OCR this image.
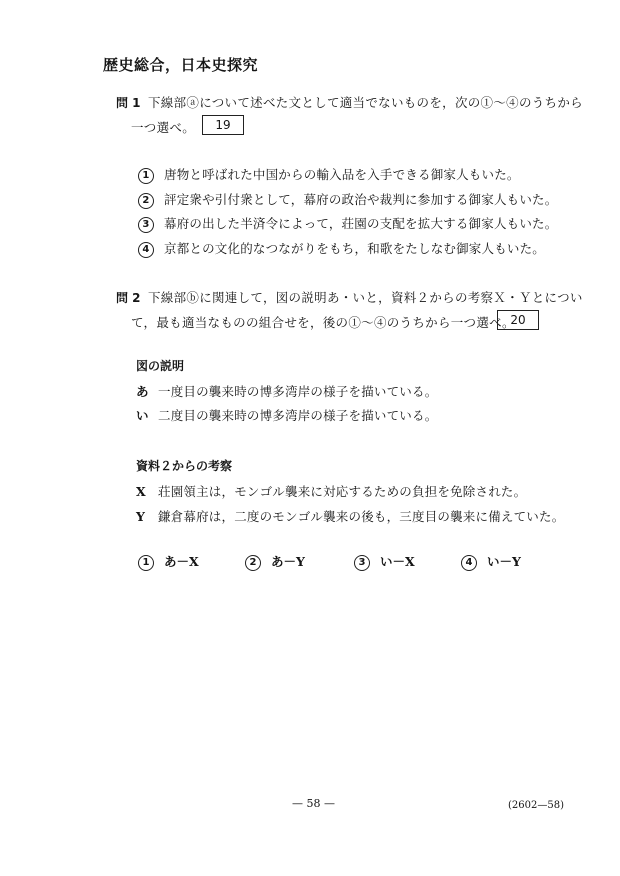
歴史総合，日本史探究
問 1 下線部ⓐについて述べた文として適当でないものを，次の①～④のうちから
一つ選べ。	19
1 唐物と呼ばれた中国からの輸入品を入手できる御家人もいた。
2 評定衆や引付衆として，幕府の政治や裁判に参加する御家人もいた。
3 幕府の出した半済令によって，荘園の支配を拡大する御家人もいた。
4 京都との文化的なつながりをもち，和歌をたしなむ御家人もいた。
問 2 下線部ⓑに関連して，図の説明あ・いと，資料２からの考察Ｘ・Ｙとについ
て，最も適当なものの組合せを，後の①～④のうちから一つ選べ。
20
図の説明
あ 一度目の襲来時の博多湾岸の様子を描いている。
い 二度目の襲来時の博多湾岸の様子を描いている。
資料２からの考察
X 荘園領主は，モンゴル襲来に対応するための負担を免除された。
Y 鎌倉幕府は，二度のモンゴル襲来の後も，三度目の襲来に備えていた。
1 あ－X	2 あ－Y	3 い－X	4 い－Y
— 58 —	(2602—58)
